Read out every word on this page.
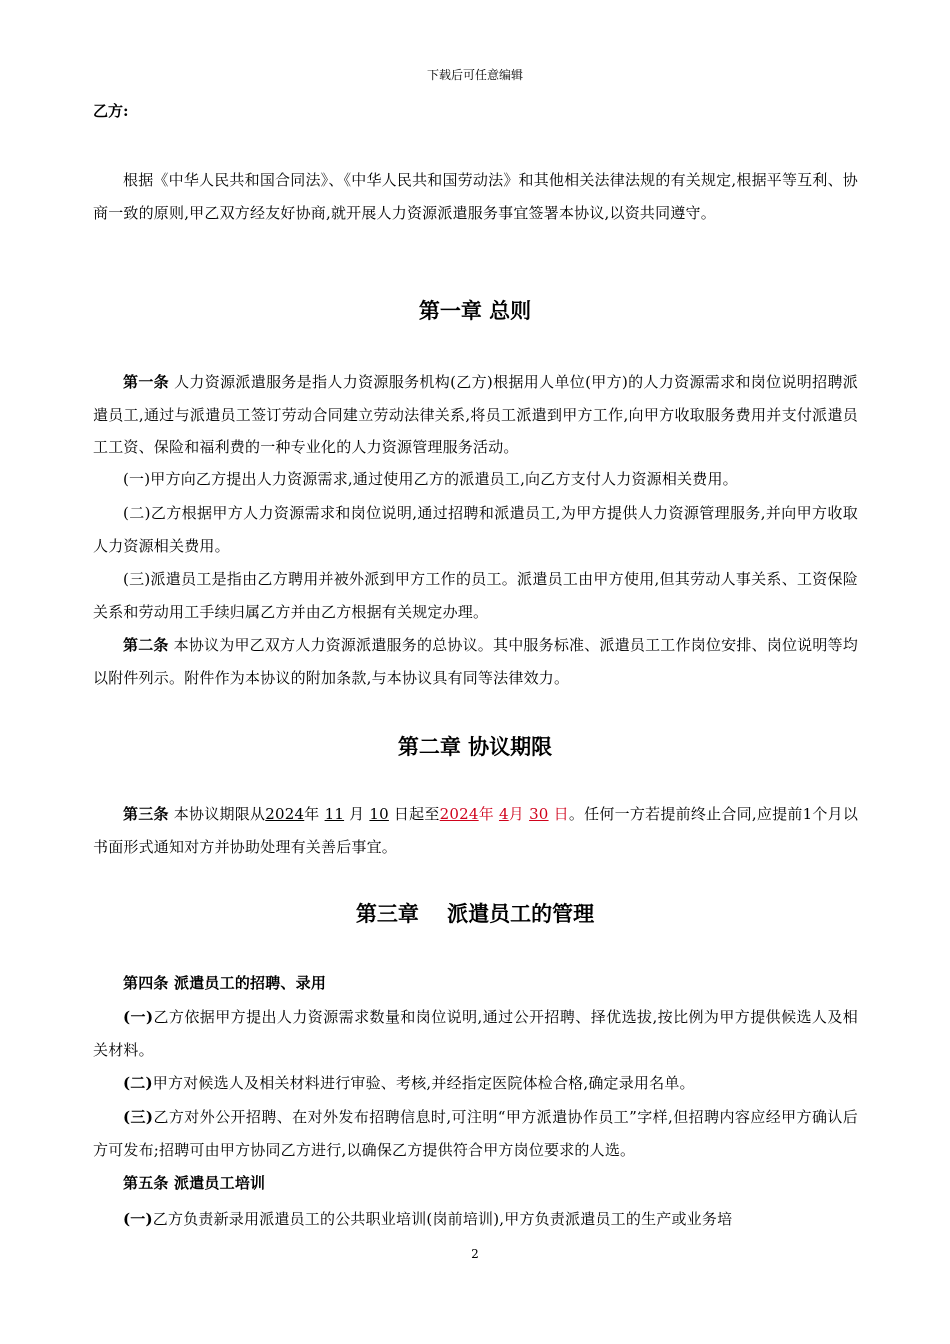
下载后可任意编辑
乙方:
根据《中华人民共和国合同法》、《中华人民共和国劳动法》和其他相关法律法规的有关规定,根据平等互利、协商一致的原则,甲乙双方经友好协商,就开展人力资源派遣服务事宜签署本协议,以资共同遵守。
第一章 总则
第一条 人力资源派遣服务是指人力资源服务机构(乙方)根据用人单位(甲方)的人力资源需求和岗位说明招聘派遣员工,通过与派遣员工签订劳动合同建立劳动法律关系,将员工派遣到甲方工作,向甲方收取服务费用并支付派遣员工工资、保险和福利费的一种专业化的人力资源管理服务活动。
(一)甲方向乙方提出人力资源需求,通过使用乙方的派遣员工,向乙方支付人力资源相关费用。
(二)乙方根据甲方人力资源需求和岗位说明,通过招聘和派遣员工,为甲方提供人力资源管理服务,并向甲方收取人力资源相关费用。
(三)派遣员工是指由乙方聘用并被外派到甲方工作的员工。派遣员工由甲方使用,但其劳动人事关系、工资保险关系和劳动用工手续归属乙方并由乙方根据有关规定办理。
第二条 本协议为甲乙双方人力资源派遣服务的总协议。其中服务标准、派遣员工工作岗位安排、岗位说明等均以附件列示。附件作为本协议的附加条款,与本协议具有同等法律效力。
第二章 协议期限
第三条 本协议期限从2024年 11 月 10 日起至2024年 4月 30 日。任何一方若提前终止合同,应提前1个月以书面形式通知对方并协助处理有关善后事宜。
第三章　 派遣员工的管理
第四条 派遣员工的招聘、录用
(一)乙方依据甲方提出人力资源需求数量和岗位说明,通过公开招聘、择优选拔,按比例为甲方提供候选人及相关材料。
(二)甲方对候选人及相关材料进行审验、考核,并经指定医院体检合格,确定录用名单。
(三)乙方对外公开招聘、在对外发布招聘信息时,可注明“甲方派遣协作员工”字样,但招聘内容应经甲方确认后方可发布;招聘可由甲方协同乙方进行,以确保乙方提供符合甲方岗位要求的人选。
第五条 派遣员工培训
(一)乙方负责新录用派遣员工的公共职业培训(岗前培训),甲方负责派遣员工的生产或业务培
2
